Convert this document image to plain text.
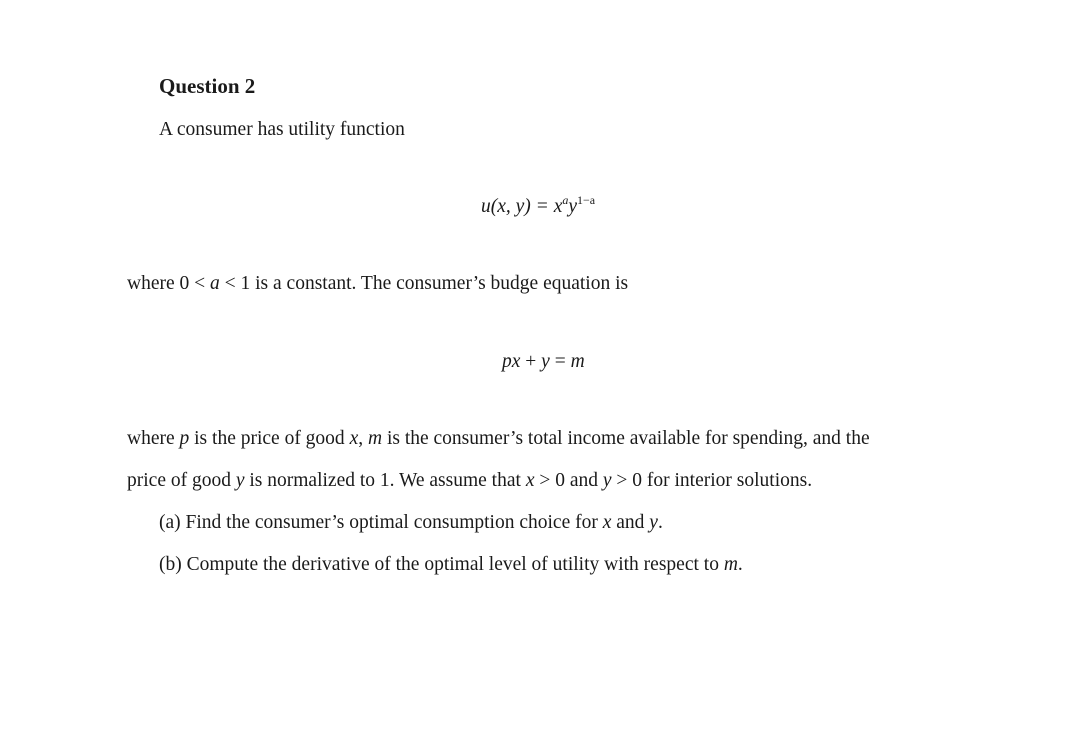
Question 2

A consumer has utility function

u(x, $y) = x^ay^{1-a}$

where 0 < a < 1 is a constant. The consumer’s budge equation is

px + y = m

where p is the price of good x, m is the consumer’s total income available for spending, and the

price of good y is normalized to 1. We assume that x > 0 and y > 0 for interior solutions.

(a) Find the consumer’s optimal consumption choice for x and y.

(b) Compute the derivative of the optimal level of utility with respect to m.
